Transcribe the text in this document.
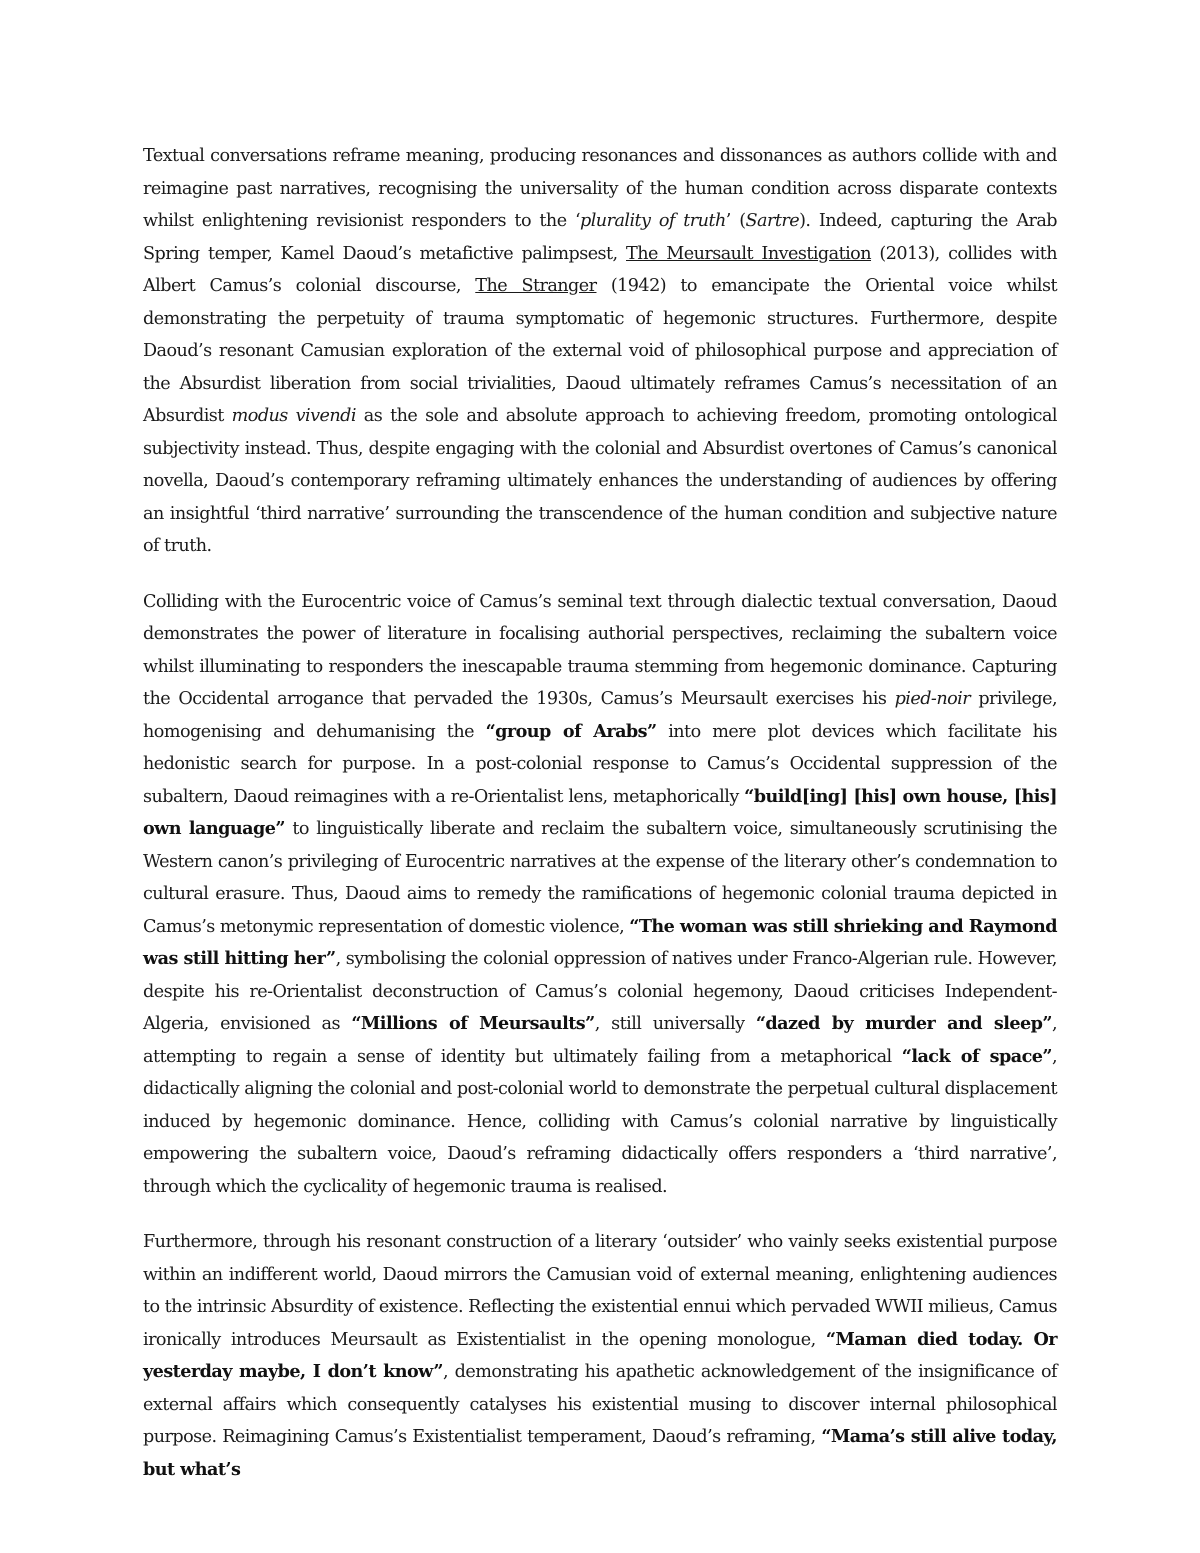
Textual conversations reframe meaning, producing resonances and dissonances as authors collide with and reimagine past narratives, recognising the universality of the human condition across disparate contexts whilst enlightening revisionist responders to the ‘plurality of truth’ (Sartre). Indeed, capturing the Arab Spring temper, Kamel Daoud’s metafictive palimpsest, The Meursault Investigation (2013), collides with Albert Camus’s colonial discourse, The Stranger (1942) to emancipate the Oriental voice whilst demonstrating the perpetuity of trauma symptomatic of hegemonic structures. Furthermore, despite Daoud’s resonant Camusian exploration of the external void of philosophical purpose and appreciation of the Absurdist liberation from social trivialities, Daoud ultimately reframes Camus’s necessitation of an Absurdist modus vivendi as the sole and absolute approach to achieving freedom, promoting ontological subjectivity instead. Thus, despite engaging with the colonial and Absurdist overtones of Camus’s canonical novella, Daoud’s contemporary reframing ultimately enhances the understanding of audiences by offering an insightful ‘third narrative’ surrounding the transcendence of the human condition and subjective nature of truth.

Colliding with the Eurocentric voice of Camus’s seminal text through dialectic textual conversation, Daoud demonstrates the power of literature in focalising authorial perspectives, reclaiming the subaltern voice whilst illuminating to responders the inescapable trauma stemming from hegemonic dominance. Capturing the Occidental arrogance that pervaded the 1930s, Camus’s Meursault exercises his pied-noir privilege, homogenising and dehumanising the “group of Arabs” into mere plot devices which facilitate his hedonistic search for purpose. In a post-colonial response to Camus’s Occidental suppression of the subaltern, Daoud reimagines with a re-Orientalist lens, metaphorically “build[ing] [his] own house, [his] own language” to linguistically liberate and reclaim the subaltern voice, simultaneously scrutinising the Western canon’s privileging of Eurocentric narratives at the expense of the literary other’s condemnation to cultural erasure. Thus, Daoud aims to remedy the ramifications of hegemonic colonial trauma depicted in Camus’s metonymic representation of domestic violence, “The woman was still shrieking and Raymond was still hitting her”, symbolising the colonial oppression of natives under Franco-Algerian rule. However, despite his re-Orientalist deconstruction of Camus’s colonial hegemony, Daoud criticises Independent-Algeria, envisioned as “Millions of Meursaults”, still universally “dazed by murder and sleep”, attempting to regain a sense of identity but ultimately failing from a metaphorical “lack of space”, didactically aligning the colonial and post-colonial world to demonstrate the perpetual cultural displacement induced by hegemonic dominance. Hence, colliding with Camus’s colonial narrative by linguistically empowering the subaltern voice, Daoud’s reframing didactically offers responders a ‘third narrative’, through which the cyclicality of hegemonic trauma is realised.

Furthermore, through his resonant construction of a literary ‘outsider’ who vainly seeks existential purpose within an indifferent world, Daoud mirrors the Camusian void of external meaning, enlightening audiences to the intrinsic Absurdity of existence. Reflecting the existential ennui which pervaded WWII milieus, Camus ironically introduces Meursault as Existentialist in the opening monologue, “Maman died today. Or yesterday maybe, I don’t know”, demonstrating his apathetic acknowledgement of the insignificance of external affairs which consequently catalyses his existential musing to discover internal philosophical purpose. Reimagining Camus’s Existentialist temperament, Daoud’s reframing, “Mama’s still alive today, but what’s
